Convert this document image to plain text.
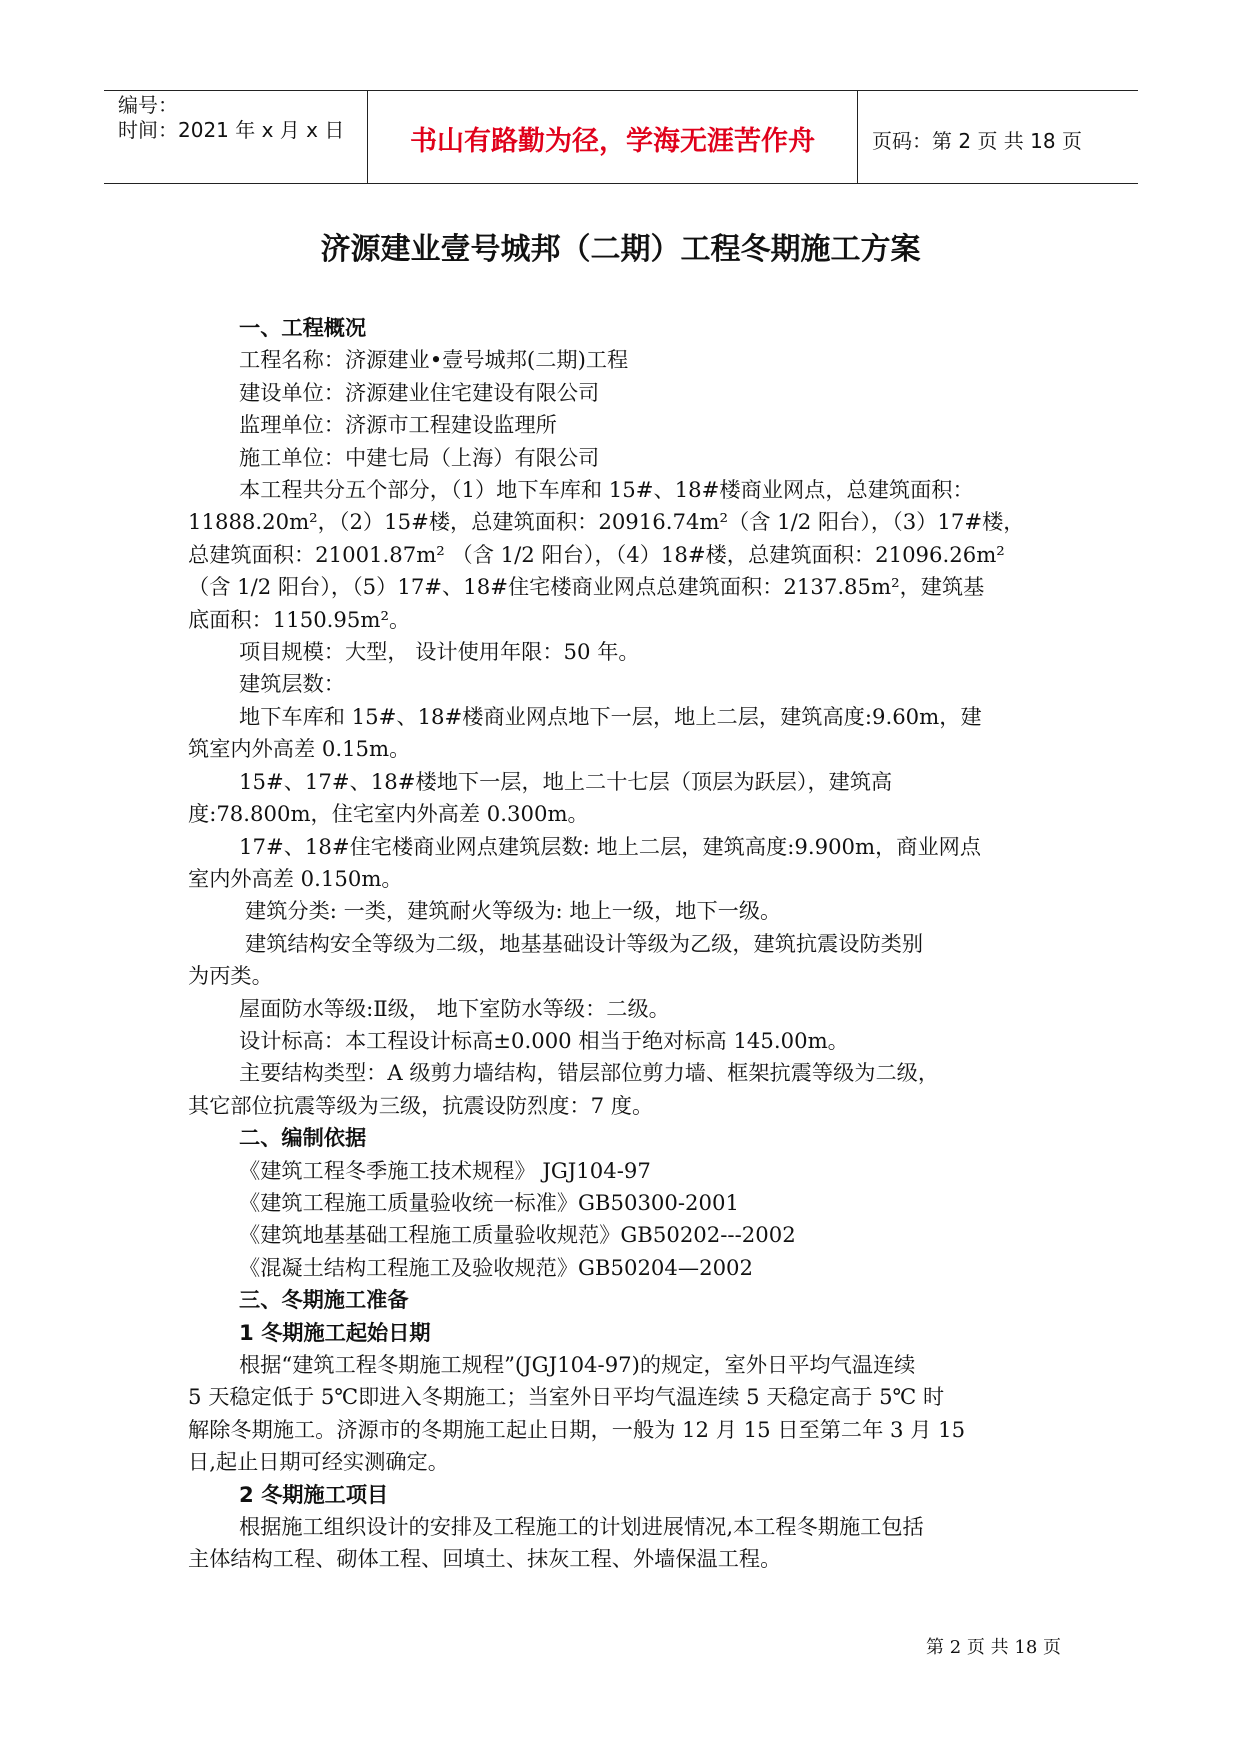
编号：
时间：2021 年 x 月 x 日	书山有路勤为径，学海无涯苦作舟	页码：第 2 页 共 18 页
济源建业壹号城邦（二期）工程冬期施工方案

一、工程概况

工程名称：济源建业•壹号城邦(二期)工程

建设单位：济源建业住宅建设有限公司

监理单位：济源市工程建设监理所

施工单位：中建七局（上海）有限公司

本工程共分五个部分，（1）地下车库和 15#、18#楼商业网点，总建筑面积：

11888.20m²，（2）15#楼，总建筑面积：20916.74m²（含 1/2 阳台），（3）17#楼，

总建筑面积：21001.87m² （含 1/2 阳台），（4）18#楼，总建筑面积：21096.26m²

（含 1/2 阳台），（5）17#、18#住宅楼商业网点总建筑面积：2137.85m²，建筑基

底面积：1150.95m²。

项目规模：大型， 设计使用年限：50 年。

建筑层数：

地下车库和 15#、18#楼商业网点地下一层，地上二层，建筑高度:9.60m，建

筑室内外高差 0.15m。

15#、17#、18#楼地下一层，地上二十七层（顶层为跃层），建筑高

度:78.800m，住宅室内外高差 0.300m。

17#、18#住宅楼商业网点建筑层数: 地上二层，建筑高度:9.900m，商业网点

室内外高差 0.150m。

建筑分类: 一类，建筑耐火等级为: 地上一级，地下一级。

建筑结构安全等级为二级，地基基础设计等级为乙级，建筑抗震设防类别

为丙类。

屋面防水等级:Ⅱ级， 地下室防水等级：二级。

设计标高：本工程设计标高±0.000 相当于绝对标高 145.00m。

主要结构类型：A 级剪力墙结构，错层部位剪力墙、框架抗震等级为二级，

其它部位抗震等级为三级，抗震设防烈度：7 度。

二、编制依据

《建筑工程冬季施工技术规程》 JGJ104-97

《建筑工程施工质量验收统一标准》GB50300-2001

《建筑地基基础工程施工质量验收规范》GB50202---2002

《混凝土结构工程施工及验收规范》GB50204—2002

三、冬期施工准备

1 冬期施工起始日期

根据“建筑工程冬期施工规程”(JGJ104-97)的规定，室外日平均气温连续

5 天稳定低于 5℃即进入冬期施工；当室外日平均气温连续 5 天稳定高于 5℃ 时

解除冬期施工。济源市的冬期施工起止日期，一般为 12 月 15 日至第二年 3 月 15

日,起止日期可经实测确定。

2 冬期施工项目

根据施工组织设计的安排及工程施工的计划进展情况,本工程冬期施工包括

主体结构工程、砌体工程、回填土、抹灰工程、外墙保温工程。

第 2 页 共 18 页
